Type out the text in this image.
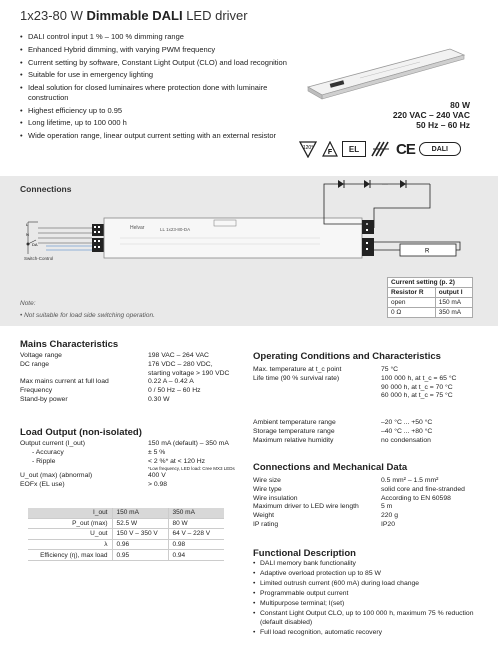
1x23-80 W Dimmable DALI LED driver
• DALI control input 1 % – 100 % dimming range
• Enhanced Hybrid dimming, with varying PWM frequency
• Current setting by software, Constant Light Output (CLO) and load recognition
• Suitable for use in emergency lighting
• Ideal solution for closed luminaires where protection done with luminaire construction
• Highest efficiency up to 0.95
• Long lifetime, up to 100 000 h
• Wide operation range, linear output current setting with an external resistor
80 W
220 VAC – 240 VAC
50 Hz – 60 Hz
120°
F EL CE DALI
Connections
L
N
DA
Helvar	LL 1x23-80-DA
···
R
Switch-Control
Current setting (p. 2)	
Resistor R	output I
open	150 mA
0 Ω	350 mA
Note:
• Not suitable for load side switching operation.
Mains Characteristics
Voltage range	198 VAC – 264 VAC
DC range	176 VDC – 280 VDC,
starting voltage > 190 VDC
Max mains current at full load	0.22 A – 0.42 A
Frequency	0 / 50 Hz – 60 Hz
Stand-by power	0.30 W
Load Output (non-isolated)
Output current (I_out)	150 mA (default) – 350 mA
- Accuracy	± 5 %
- Ripple	< 2 %* at < 120 Hz
*Low frequency, LED load: Cree MX3 LEDs
U_out (max) (abnormal)	400 V
EOFx (EL use)	> 0.98
I_out	150 mA	350 mA
P_out (max)	52.5 W	80 W
U_out	150 V – 350 V	64 V – 228 V
λ	0.96	0.98
Efficiency (η), max load	0.95	0.94
Operating Conditions and Characteristics
Max. temperature at t_c point	75 °C
Life time (90 % survival rate)	100 000 h, at t_c = 65 °C
90 000 h, at t_c = 70 °C
60 000 h, at t_c = 75 °C
Ambient temperature range	–20 °C ... +50 °C
Storage temperature range	–40 °C ... +80 °C
Maximum relative humidity	no condensation
Connections and Mechanical Data
Wire size	0.5 mm² – 1.5 mm²
Wire type	solid core and fine-stranded
Wire insulation	According to EN 60598
Maximum driver to LED wire length	5 m
Weight	220 g
IP rating	IP20
Functional Description
• DALI memory bank functionality
• Adaptive overload protection up to 85 W
• Limited outrush current (600 mA) during load change
• Programmable output current
• Multipurpose terminal; I(set)
• Constant Light Output CLO, up to 100 000 h, maximum 75 % reduction (default disabled)
• Full load recognition, automatic recovery
